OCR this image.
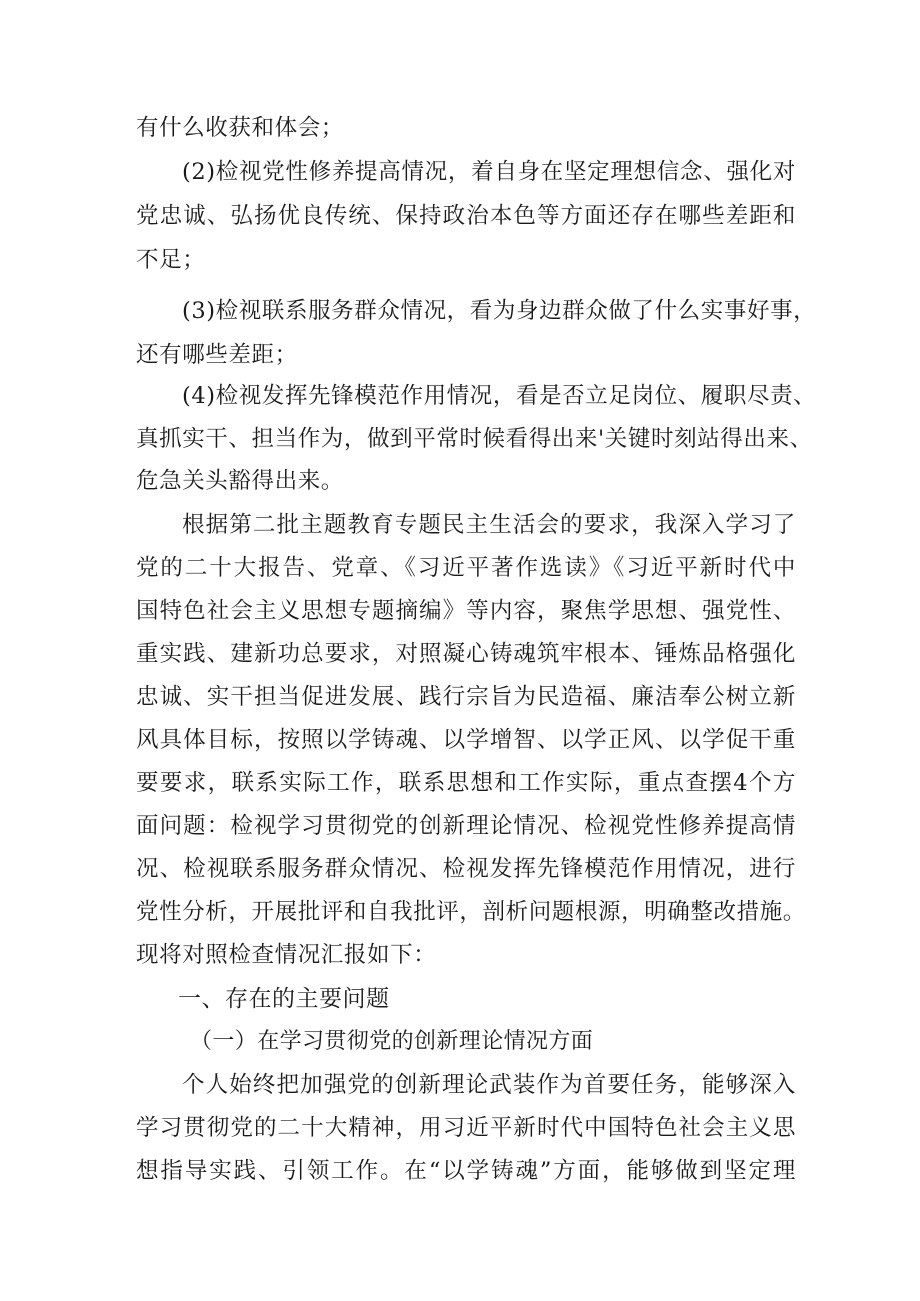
有什么收获和体会；
(2)检视党性修养提高情况，着自身在坚定理想信念、强化对
党忠诚、弘扬优良传统、保持政治本色等方面还存在哪些差距和
不足；
(3)检视联系服务群众情况，看为身边群众做了什么实事好事，
还有哪些差距；
(4)检视发挥先锋模范作用情况，看是否立足岗位、履职尽责、
真抓实干、担当作为，做到平常时候看得出来'关键时刻站得出来、
危急关头豁得出来。
根据第二批主题教育专题民主生活会的要求，我深入学习了
党的二十大报告、党章、《习近平著作选读》《习近平新时代中
国特色社会主义思想专题摘编》等内容，聚焦学思想、强党性、
重实践、建新功总要求，对照凝心铸魂筑牢根本、锤炼品格强化
忠诚、实干担当促进发展、践行宗旨为民造福、廉洁奉公树立新
风具体目标，按照以学铸魂、以学增智、以学正风、以学促干重
要要求，联系实际工作，联系思想和工作实际，重点查摆4个方
面问题：检视学习贯彻党的创新理论情况、检视党性修养提高情
况、检视联系服务群众情况、检视发挥先锋模范作用情况，进行
党性分析，开展批评和自我批评，剖析问题根源，明确整改措施。
现将对照检查情况汇报如下：
一、存在的主要问题
（一）在学习贯彻党的创新理论情况方面
个人始终把加强党的创新理论武装作为首要任务，能够深入
学习贯彻党的二十大精神，用习近平新时代中国特色社会主义思
想指导实践、引领工作。在“以学铸魂”方面，能够做到坚定理
